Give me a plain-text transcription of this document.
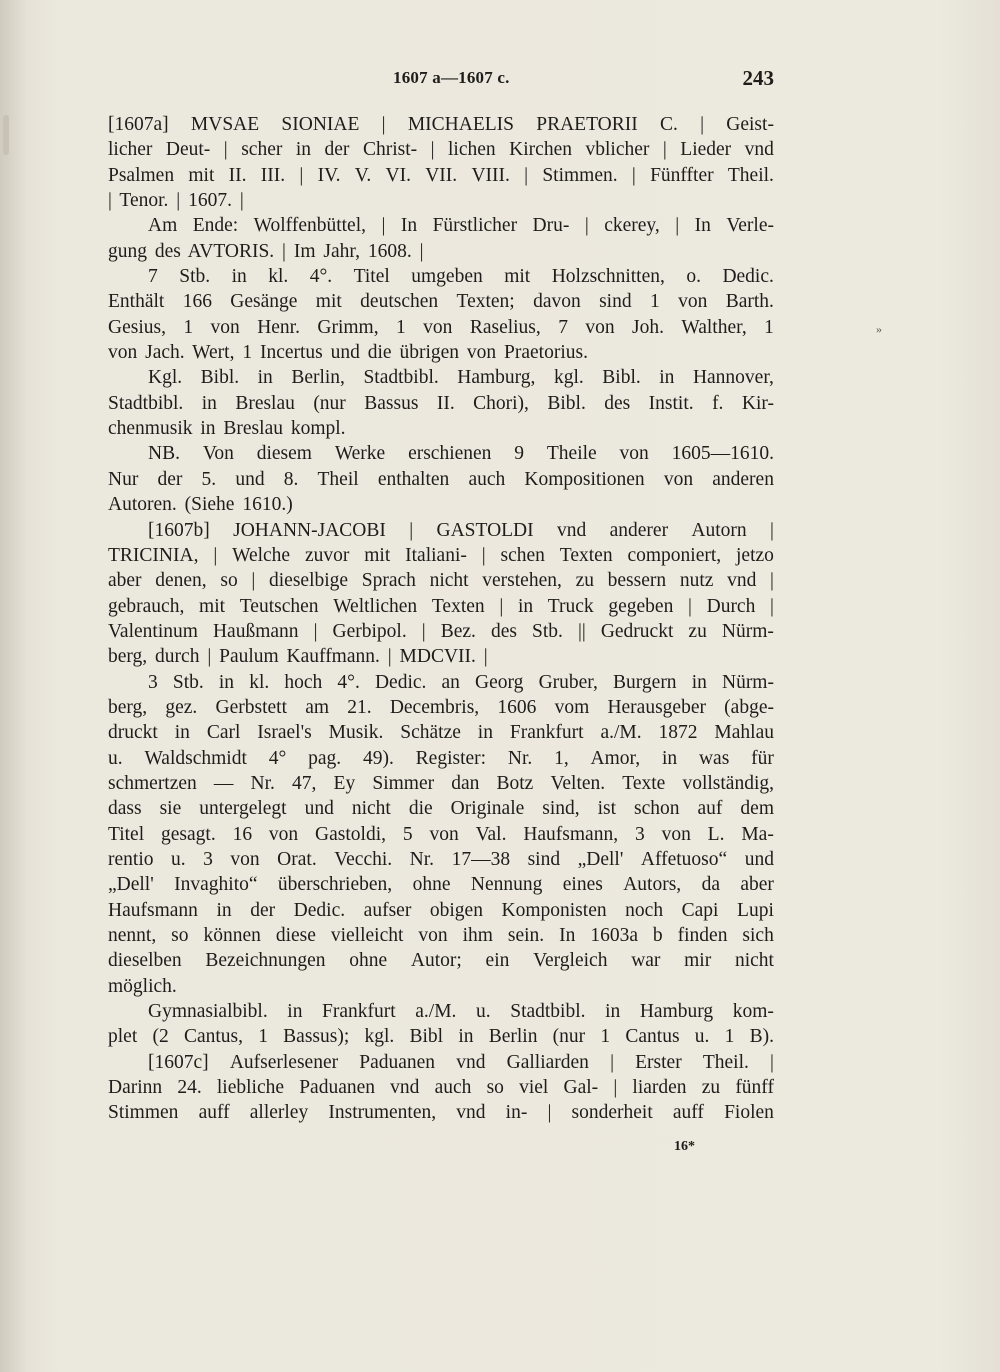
1607 a—1607 c.	243
»
[1607a] MVSAE SIONIAE | MICHAELIS PRAETORII C. | Geist-
licher Deut- | scher in der Christ- | lichen Kirchen vblicher | Lieder vnd
Psalmen mit II. III. | IV. V. VI. VII. VIII. | Stimmen. | Fünffter Theil.
| Tenor. | 1607. |
Am Ende: Wolffenbüttel, | In Fürstlicher Dru- | ckerey, | In Verle-
gung des AVTORIS. | Im Jahr, 1608. |
7 Stb. in kl. 4°. Titel umgeben mit Holzschnitten, o. Dedic.
Enthält 166 Gesänge mit deutschen Texten; davon sind 1 von Barth.
Gesius, 1 von Henr. Grimm, 1 von Raselius, 7 von Joh. Walther, 1
von Jach. Wert, 1 Incertus und die übrigen von Praetorius.
Kgl. Bibl. in Berlin, Stadtbibl. Hamburg, kgl. Bibl. in Hannover,
Stadtbibl. in Breslau (nur Bassus II. Chori), Bibl. des Instit. f. Kir-
chenmusik in Breslau kompl.
NB. Von diesem Werke erschienen 9 Theile von 1605—1610.
Nur der 5. und 8. Theil enthalten auch Kompositionen von anderen
Autoren. (Siehe 1610.)
[1607b] JOHANN-JACOBI | GASTOLDI vnd anderer Autorn |
TRICINIA, | Welche zuvor mit Italiani- | schen Texten componiert, jetzo
aber denen, so | dieselbige Sprach nicht verstehen, zu bessern nutz vnd |
gebrauch, mit Teutschen Weltlichen Texten | in Truck gegeben | Durch |
Valentinum Haußmann | Gerbipol. | Bez. des Stb. || Gedruckt zu Nürm-
berg, durch | Paulum Kauffmann. | MDCVII. |
3 Stb. in kl. hoch 4°. Dedic. an Georg Gruber, Burgern in Nürm-
berg, gez. Gerbstett am 21. Decembris, 1606 vom Herausgeber (abge-
druckt in Carl Israel's Musik. Schätze in Frankfurt a./M. 1872 Mahlau
u. Waldschmidt 4° pag. 49). Register: Nr. 1, Amor, in was für
schmertzen — Nr. 47, Ey Simmer dan Botz Velten. Texte vollständig,
dass sie untergelegt und nicht die Originale sind, ist schon auf dem
Titel gesagt. 16 von Gastoldi, 5 von Val. Haufsmann, 3 von L. Ma-
rentio u. 3 von Orat. Vecchi. Nr. 17—38 sind „Dell' Affetuoso“ und
„Dell' Invaghito“ überschrieben, ohne Nennung eines Autors, da aber
Haufsmann in der Dedic. aufser obigen Komponisten noch Capi Lupi
nennt, so können diese vielleicht von ihm sein. In 1603a b finden sich
dieselben Bezeichnungen ohne Autor; ein Vergleich war mir nicht
möglich.
Gymnasialbibl. in Frankfurt a./M. u. Stadtbibl. in Hamburg kom-
plet (2 Cantus, 1 Bassus); kgl. Bibl in Berlin (nur 1 Cantus u. 1 B).
[1607c] Aufserlesener Paduanen vnd Galliarden | Erster Theil. |
Darinn 24. liebliche Paduanen vnd auch so viel Gal- | liarden zu fünff
Stimmen auff allerley Instrumenten, vnd in- | sonderheit auff Fiolen
16*
